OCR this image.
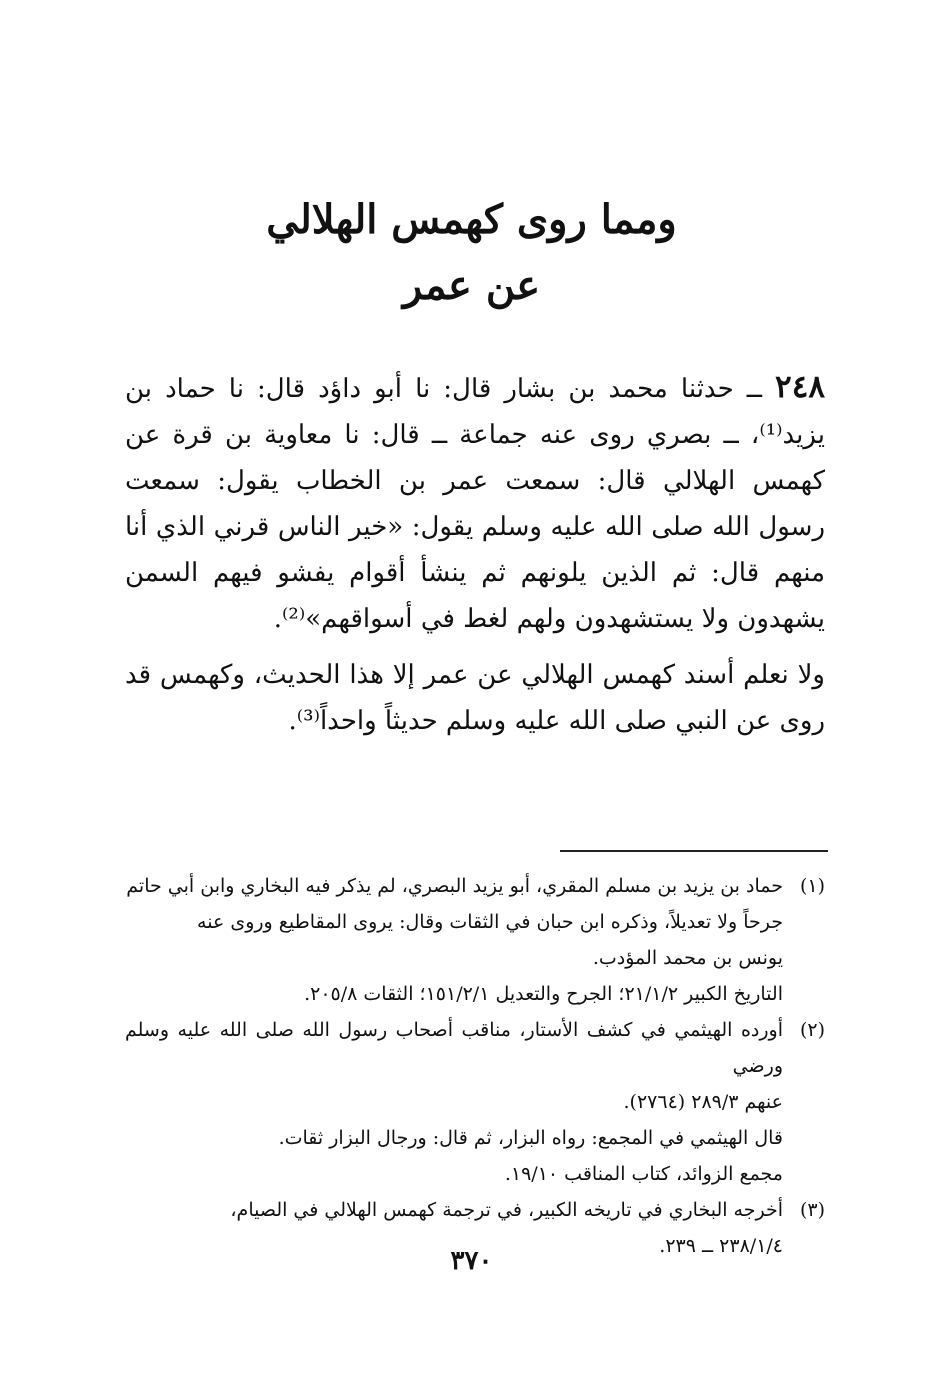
ومما روى كهمس الهلالي
عن عمر
٢٤٨ ــ حدثنا محمد بن بشار قال: نا أبو داؤد قال: نا حماد بن يزيد⁽¹⁾، ــ بصري روى عنه جماعة ــ قال: نا معاوية بن قرة عن كهمس الهلالي قال: سمعت عمر بن الخطاب يقول: سمعت رسول الله صلى الله عليه وسلم يقول: «خير الناس قرني الذي أنا منهم قال: ثم الذين يلونهم ثم ينشأ أقوام يفشو فيهم السمن يشهدون ولا يستشهدون ولهم لغط في أسواقهم»⁽²⁾.
ولا نعلم أسند كهمس الهلالي عن عمر إلا هذا الحديث، وكهمس قد روى عن النبي صلى الله عليه وسلم حديثاً واحداً⁽³⁾.
(١)
حماد بن يزيد بن مسلم المقري، أبو يزيد البصري، لم يذكر فيه البخاري وابن أبي حاتم
جرحاً ولا تعديلاً، وذكره ابن حبان في الثقات وقال: يروى المقاطيع وروى عنه
يونس بن محمد المؤدب.
التاريخ الكبير ٢١/١/٢؛ الجرح والتعديل ١٥١/٢/١؛ الثقات ٢٠٥/٨.
(٢)
أورده الهيثمي في كشف الأستار، مناقب أصحاب رسول الله صلى الله عليه وسلم ورضي
عنهم ٢٨٩/٣ (٢٧٦٤).
قال الهيثمي في المجمع: رواه البزار، ثم قال: ورجال البزار ثقات.
مجمع الزوائد، كتاب المناقب ١٩/١٠.
(٣)
أخرجه البخاري في تاريخه الكبير، في ترجمة كهمس الهلالي في الصيام،
٢٣٨/١/٤ ــ ٢٣٩.
٣٧٠
